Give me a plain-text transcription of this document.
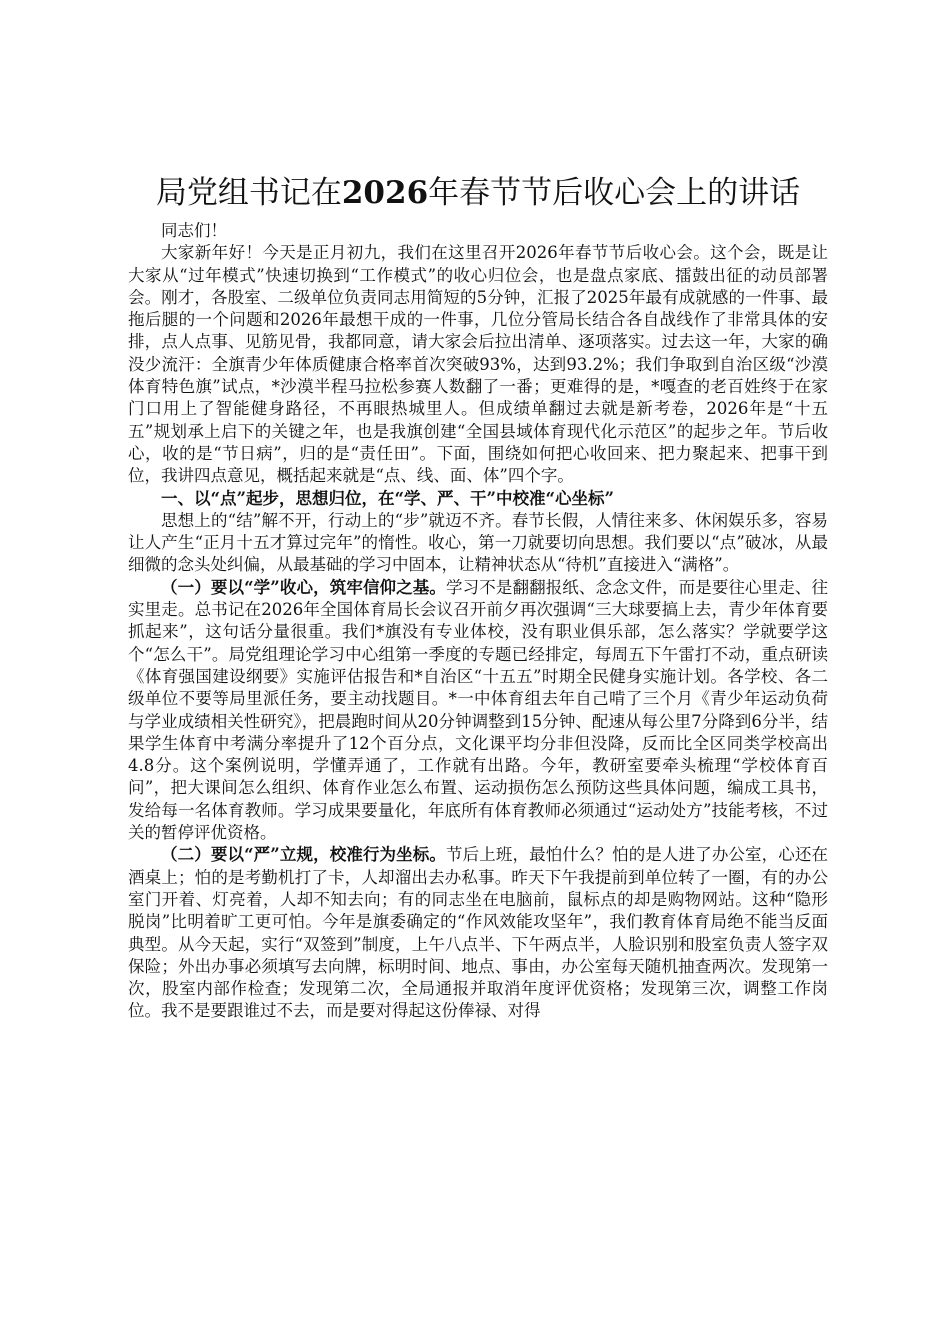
局党组书记在2026年春节节后收心会上的讲话

同志们！

大家新年好！今天是正月初九，我们在这里召开2026年春节节后收心会。这个会，既是让大家从“过年模式”快速切换到“工作模式”的收心归位会，也是盘点家底、擂鼓出征的动员部署会。刚才，各股室、二级单位负责同志用简短的5分钟，汇报了2025年最有成就感的一件事、最拖后腿的一个问题和2026年最想干成的一件事，几位分管局长结合各自战线作了非常具体的安排，点人点事、见筋见骨，我都同意，请大家会后拉出清单、逐项落实。过去这一年，大家的确没少流汗：全旗青少年体质健康合格率首次突破93%，达到93.2%；我们争取到自治区级“沙漠体育特色旗”试点，*沙漠半程马拉松参赛人数翻了一番；更难得的是，*嘎查的老百姓终于在家门口用上了智能健身路径，不再眼热城里人。但成绩单翻过去就是新考卷，2026年是“十五五”规划承上启下的关键之年，也是我旗创建“全国县域体育现代化示范区”的起步之年。节后收心，收的是“节日病”，归的是“责任田”。下面，围绕如何把心收回来、把力聚起来、把事干到位，我讲四点意见，概括起来就是“点、线、面、体”四个字。

一、以“点”起步，思想归位，在“学、严、干”中校准“心坐标”

思想上的“结”解不开，行动上的“步”就迈不齐。春节长假，人情往来多、休闲娱乐多，容易让人产生“正月十五才算过完年”的惰性。收心，第一刀就要切向思想。我们要以“点”破冰，从最细微的念头处纠偏，从最基础的学习中固本，让精神状态从“待机”直接进入“满格”。

（一）要以“学”收心，筑牢信仰之基。学习不是翻翻报纸、念念文件，而是要往心里走、往实里走。总书记在2026年全国体育局长会议召开前夕再次强调“三大球要搞上去，青少年体育要抓起来”，这句话分量很重。我们*旗没有专业体校，没有职业俱乐部，怎么落实？学就要学这个“怎么干”。局党组理论学习中心组第一季度的专题已经排定，每周五下午雷打不动，重点研读《体育强国建设纲要》实施评估报告和*自治区“十五五”时期全民健身实施计划。各学校、各二级单位不要等局里派任务，要主动找题目。*一中体育组去年自己啃了三个月《青少年运动负荷与学业成绩相关性研究》，把晨跑时间从20分钟调整到15分钟、配速从每公里7分降到6分半，结果学生体育中考满分率提升了12个百分点，文化课平均分非但没降，反而比全区同类学校高出4.8分。这个案例说明，学懂弄通了，工作就有出路。今年，教研室要牵头梳理“学校体育百问”，把大课间怎么组织、体育作业怎么布置、运动损伤怎么预防这些具体问题，编成工具书，发给每一名体育教师。学习成果要量化，年底所有体育教师必须通过“运动处方”技能考核，不过关的暂停评优资格。

（二）要以“严”立规，校准行为坐标。节后上班，最怕什么？怕的是人进了办公室，心还在酒桌上；怕的是考勤机打了卡，人却溜出去办私事。昨天下午我提前到单位转了一圈，有的办公室门开着、灯亮着，人却不知去向；有的同志坐在电脑前，鼠标点的却是购物网站。这种“隐形脱岗”比明着旷工更可怕。今年是旗委确定的“作风效能攻坚年”，我们教育体育局绝不能当反面典型。从今天起，实行“双签到”制度，上午八点半、下午两点半，人脸识别和股室负责人签字双保险；外出办事必须填写去向牌，标明时间、地点、事由，办公室每天随机抽查两次。发现第一次，股室内部作检查；发现第二次，全局通报并取消年度评优资格；发现第三次，调整工作岗位。我不是要跟谁过不去，而是要对得起这份俸禄、对得
